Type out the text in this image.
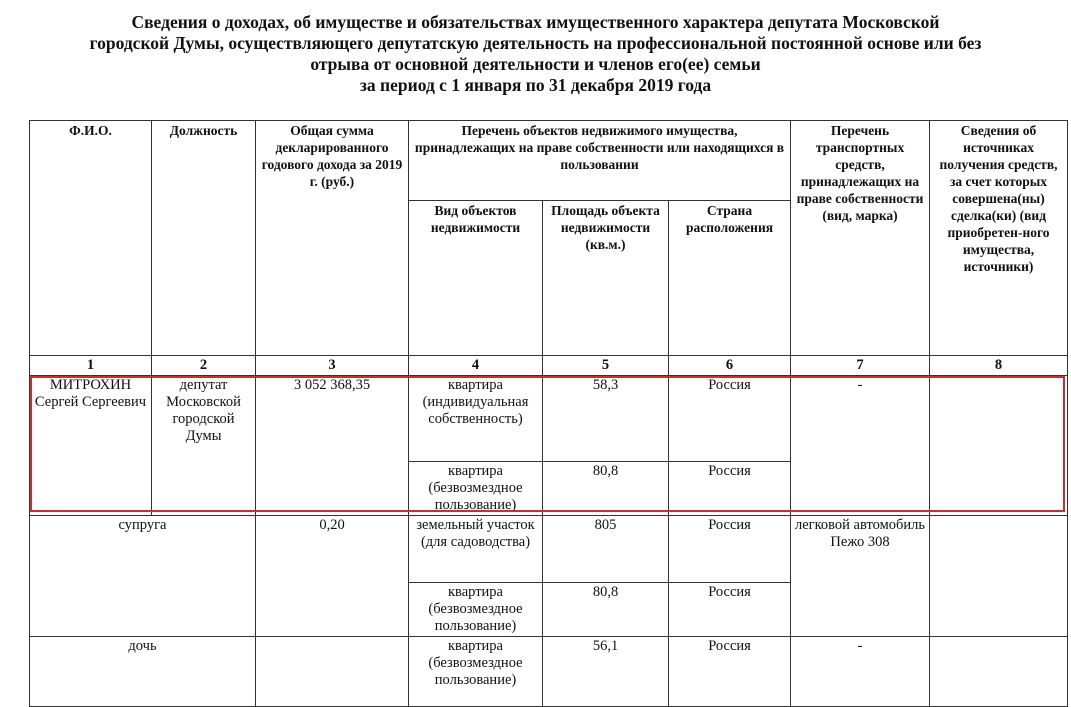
Сведения о доходах, об имуществе и обязательствах имущественного характера депутата Московской
городской Думы, осуществляющего депутатскую деятельность на профессиональной постоянной основе или без
отрыва от основной деятельности и членов его(ее) семьи
за период с 1 января по 31 декабря 2019 года
Ф.И.О.	Должность	Общая сумма декларированного годового дохода за 2019 г. (руб.)	Перечень объектов недвижимого имущества, принадлежащих на праве собственности или находящихся в пользовании			Перечень транспортных средств, принадлежащих на праве собственности (вид, марка)	Сведения об источниках получения средств, за счет которых совершена(ны) сделка(ки) (вид приобретен-ного имущества, источники)
			Вид объектов недвижимости	Площадь объекта недвижимости (кв.м.)	Страна расположения		
1	2	3	4	5	6	7	8
МИТРОХИН Сергей Сергеевич	депутат Московской городской Думы	3 052 368,35	квартира (индивидуальная собственность)	58,3	Россия	-	
			квартира (безвозмездное пользование)	80,8	Россия		
супруга		0,20	земельный участок (для садоводства)	805	Россия	легковой автомобиль Пежо 308	
			квартира (безвозмездное пользование)	80,8	Россия		
дочь			квартира (безвозмездное пользование)	56,1	Россия	-	
